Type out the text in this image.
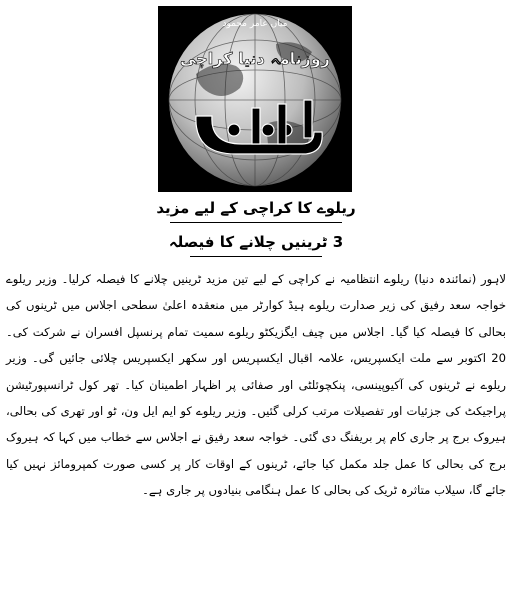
روزنامہ دنیا کراچی
میاں عامر محمود
ریلوے کا کراچی کے لیے مزید
3 ٹرینیں چلانے کا فیصلہ
لاہور (نمائندہ دنیا) ریلوے انتظامیہ نے کراچی کے لیے تین مزید ٹرینیں چلانے کا فیصلہ کرلیا۔ وزیر ریلوے خواجہ سعد رفیق کی زیر صدارت ریلوے ہیڈ کوارٹر میں منعقدہ اعلیٰ سطحی اجلاس میں ٹرینوں کی بحالی کا فیصلہ کیا گیا۔ اجلاس میں چیف ایگزیکٹو ریلوے سمیت تمام پرنسپل افسران نے شرکت کی۔ 20 اکتوبر سے ملت ایکسپریس، علامہ اقبال ایکسپریس اور سکھر ایکسپریس چلائی جائیں گی۔ وزیر ریلوے نے ٹرینوں کی آکیوپینسی، پنکچوئلٹی اور صفائی پر اظہار اطمینان کیا۔ تھر کول ٹرانسپورٹیشن پراجیکٹ کی جزئیات اور تفصیلات مرتب کرلی گئیں۔ وزیر ریلوے کو ایم ایل ون، ٹو اور تھری کی بحالی، ہیروک برج پر جاری کام پر بریفنگ دی گئی۔ خواجہ سعد رفیق نے اجلاس سے خطاب میں کہا کہ ہیروک برج کی بحالی کا عمل جلد مکمل کیا جائے، ٹرینوں کے اوقات کار پر کسی صورت کمپرومائز نہیں کیا جائے گا، سیلاب متاثرہ ٹریک کی بحالی کا عمل ہنگامی بنیادوں پر جاری ہے۔
